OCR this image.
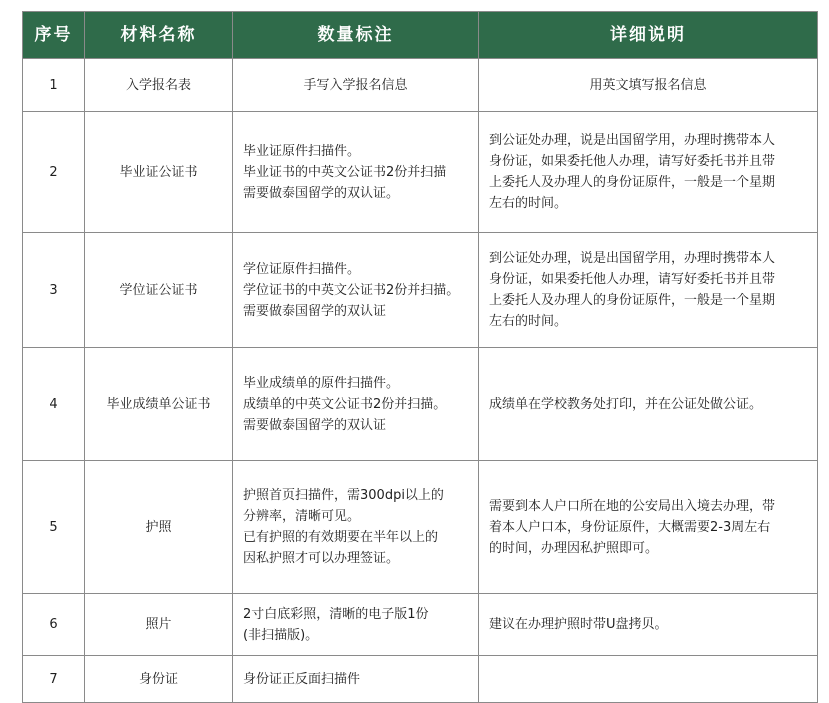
序号	材料名称	数量标注	详细说明
1	入学报名表	手写入学报名信息	用英文填写报名信息
2	毕业证公证书	毕业证原件扫描件。
毕业证书的中英文公证书2份并扫描
需要做泰国留学的双认证。	到公证处办理，说是出国留学用，办理时携带本人
身份证，如果委托他人办理，请写好委托书并且带
上委托人及办理人的身份证原件，一般是一个星期
左右的时间。

3	学位证公证书	学位证原件扫描件。
学位证书的中英文公证书2份并扫描。
需要做泰国留学的双认证	到公证处办理，说是出国留学用，办理时携带本人
身份证，如果委托他人办理，请写好委托书并且带
上委托人及办理人的身份证原件，一般是一个星期
左右的时间。

4	毕业成绩单公证书	毕业成绩单的原件扫描件。
成绩单的中英文公证书2份并扫描。
需要做泰国留学的双认证	成绩单在学校教务处打印，并在公证处做公证。

5	护照	护照首页扫描件，需300dpi以上的
分辨率，清晰可见。
已有护照的有效期要在半年以上的
因私护照才可以办理签证。	需要到本人户口所在地的公安局出入境去办理，带
着本人户口本，身份证原件，大概需要2-3周左右
的时间，办理因私护照即可。

6	照片	2寸白底彩照，清晰的电子版1份
(非扫描版)。	建议在办理护照时带U盘拷贝。

7	身份证	身份证正反面扫描件	
